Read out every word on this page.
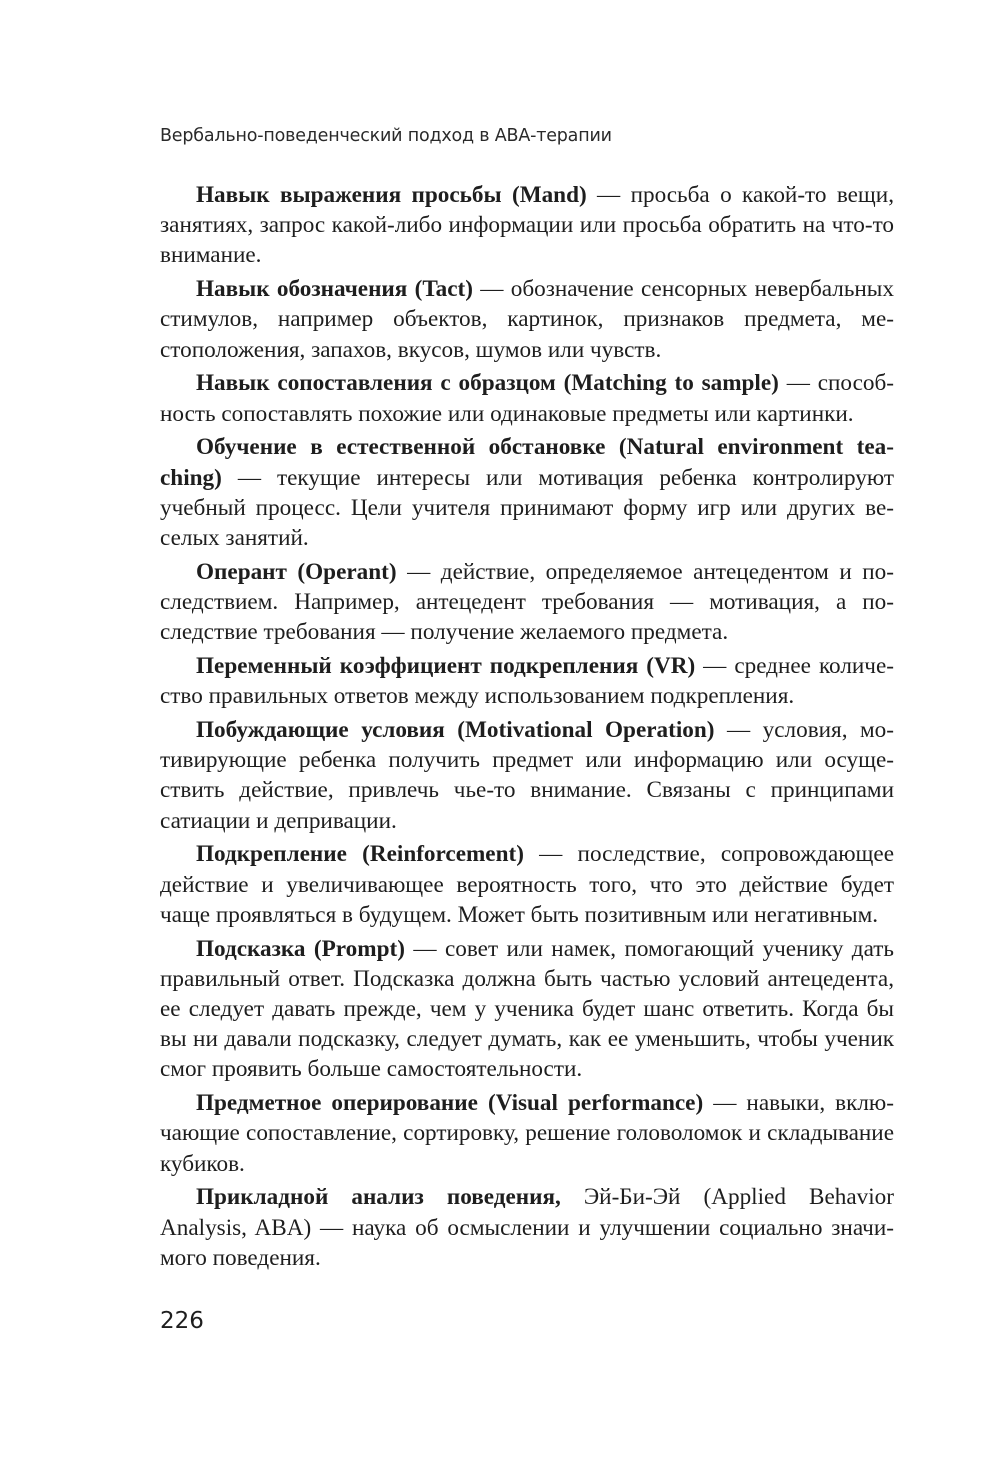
Вербально-поведенческий подход в АВА-терапии

Навык выражения просьбы (Mand) — просьба о какой-то вещи, занятиях, запрос какой-либо информации или просьба обратить на что-то внимание.

Навык обозначения (Tact) — обозначение сенсорных невербальных стимулов, например объектов, картинок, признаков предмета, местоположения, запахов, вкусов, шумов или чувств.

Навык сопоставления с образцом (Matching to sample) — способность сопоставлять похожие или одинаковые предметы или картинки.

Обучение в естественной обстановке (Natural environment teaching) — текущие интересы или мотивация ребенка контролируют учебный процесс. Цели учителя принимают форму игр или других веселых занятий.

Оперант (Operant) — действие, определяемое антецедентом и последствием. Например, антецедент требования — мотивация, а последствие требования — получение желаемого предмета.

Переменный коэффициент подкрепления (VR) — среднее количество правильных ответов между использованием подкрепления.

Побуждающие условия (Motivational Operation) — условия, мотивирующие ребенка получить предмет или информацию или осуществить действие, привлечь чье-то внимание. Связаны с принципами сатиации и депривации.

Подкрепление (Reinforcement) — последствие, сопровождающее действие и увеличивающее вероятность того, что это действие будет чаще проявляться в будущем. Может быть позитивным или негативным.

Подсказка (Prompt) — совет или намек, помогающий ученику дать правильный ответ. Подсказка должна быть частью условий антецедента, ее следует давать прежде, чем у ученика будет шанс ответить. Когда бы вы ни давали подсказку, следует думать, как ее уменьшить, чтобы ученик смог проявить больше самостоятельности.

Предметное оперирование (Visual performance) — навыки, включающие сопоставление, сортировку, решение головоломок и складывание кубиков.

Прикладной анализ поведения, Эй-Би-Эй (Applied Behavior Analysis, ABA) — наука об осмыслении и улучшении социально значимого поведения.

226
